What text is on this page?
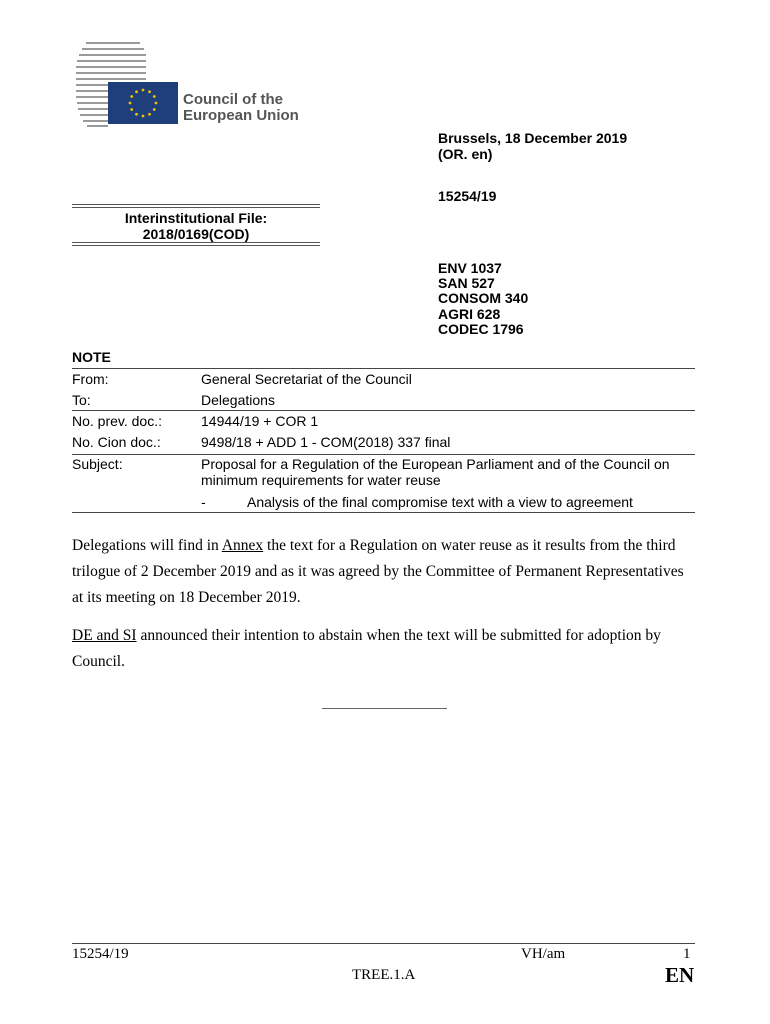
Council of the
European Union
Brussels, 18 December 2019
(OR. en)
15254/19
Interinstitutional File:
2018/0169(COD)
ENV 1037
SAN 527
CONSOM 340
AGRI 628
CODEC 1796
NOTE
From:	General Secretariat of the Council
To:	Delegations
No. prev. doc.:	14944/19 + COR 1
No. Cion doc.:	9498/18 + ADD 1 - COM(2018) 337 final
Subject:	Proposal for a Regulation of the European Parliament and of the Council on minimum requirements for water reuse
-	Analysis of the final compromise text with a view to agreement
Delegations will find in Annex the text for a Regulation on water reuse as it results from the third trilogue of 2 December 2019 and as it was agreed by the Committee of Permanent Representatives at its meeting on 18 December 2019.
DE and SI announced their intention to abstain when the text will be submitted for adoption by Council.
15254/19	VH/am	1
TREE.1.A	EN
